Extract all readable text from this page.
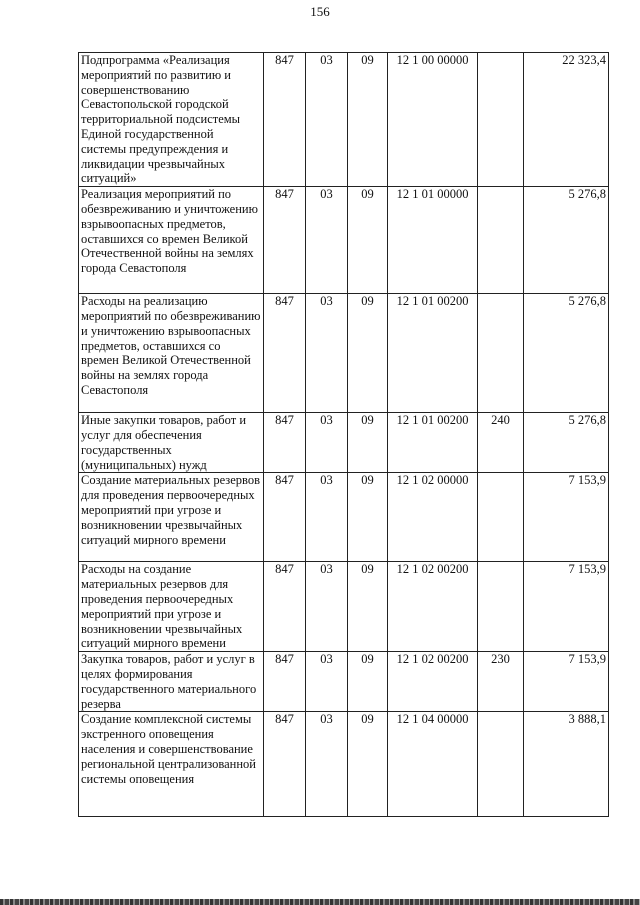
156
Подпрограмма «Реализация мероприятий по развитию и совершенствованию Севастопольской городской территориальной подсистемы Единой государственной системы предупреждения и ликвидации чрезвычайных ситуаций»	847	03	09	12 1 00 00000		22 323,4
Реализация мероприятий по обезвреживанию и уничтожению взрывоопасных предметов, оставшихся со времен Великой Отечественной войны на землях города Севастополя	847	03	09	12 1 01 00000		5 276,8
Расходы на реализацию мероприятий по обезвреживанию и уничтожению взрывоопасных предметов, оставшихся со времен Великой Отечественной войны на землях города Севастополя	847	03	09	12 1 01 00200		5 276,8
Иные закупки товаров, работ и услуг для обеспечения государственных (муниципальных) нужд	847	03	09	12 1 01 00200	240	5 276,8
Создание материальных резервов для проведения первоочередных мероприятий при угрозе и возникновении чрезвычайных ситуаций мирного времени	847	03	09	12 1 02 00000		7 153,9
Расходы на создание материальных резервов для проведения первоочередных мероприятий при угрозе и возникновении чрезвычайных ситуаций мирного времени	847	03	09	12 1 02 00200		7 153,9
Закупка товаров, работ и услуг в целях формирования государственного материального резерва	847	03	09	12 1 02 00200	230	7 153,9
Создание комплексной системы экстренного оповещения населения и совершенствование региональной централизованной системы оповещения	847	03	09	12 1 04 00000		3 888,1
